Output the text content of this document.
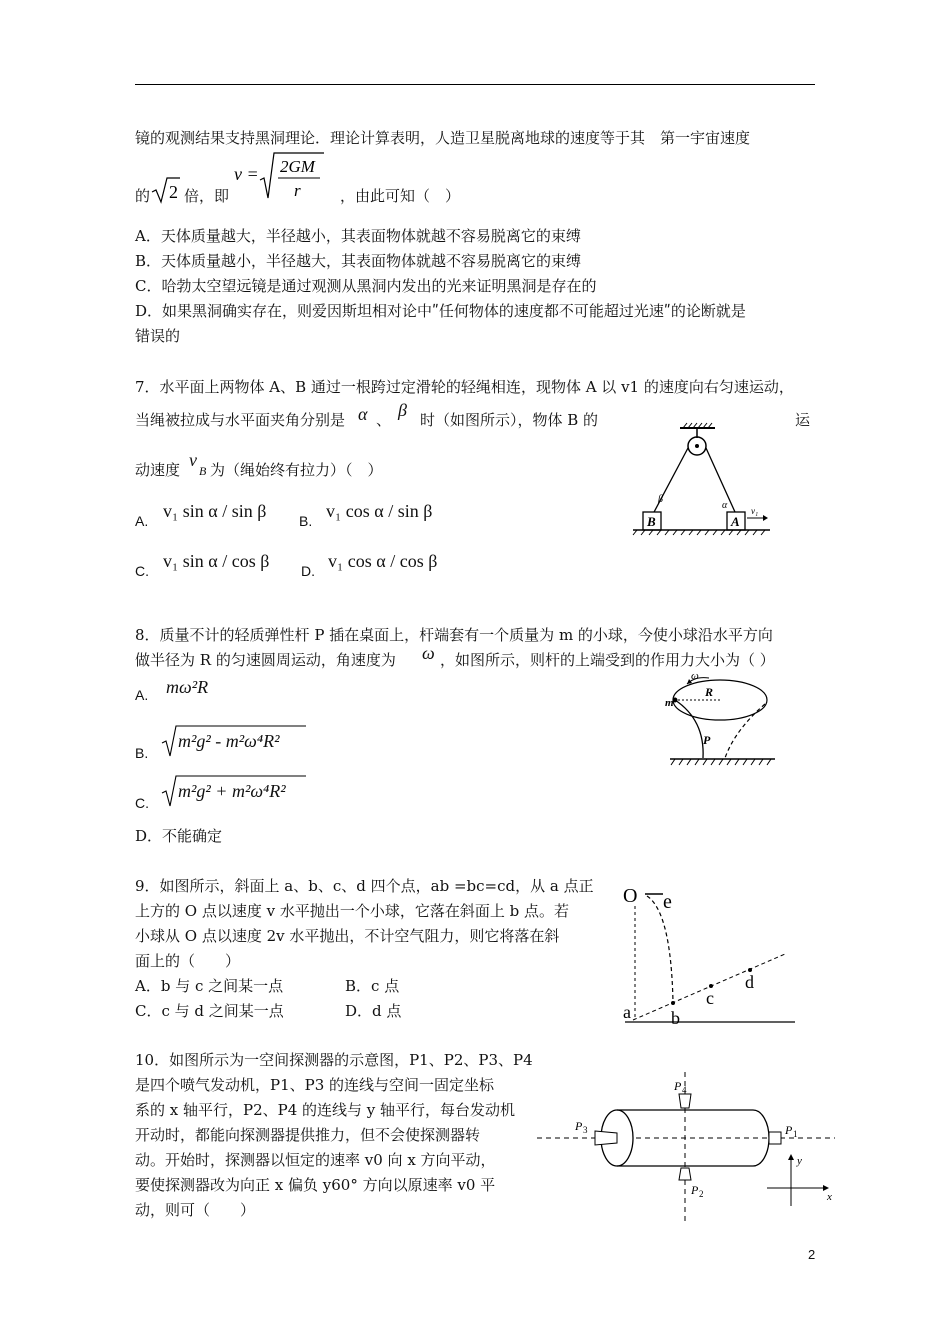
镜的观测结果支持黑洞理论．理论计算表明，人造卫星脱离地球的速度等于其　第一宇宙速度
的 2 倍，即
v = 2GM
r	，由此可知（　）
A．天体质量越大，半径越小，其表面物体就越不容易脱离它的束缚
B．天体质量越小，半径越大，其表面物体就越不容易脱离它的束缚
C．哈勃太空望远镜是通过观测从黑洞内发出的光来证明黑洞是存在的
D．如果黑洞确实存在，则爱因斯坦相对论中ʺ任何物体的速度都不可能超过光速ʺ的论断就是
错误的
7．水平面上两物体 A、B 通过一根跨过定滑轮的轻绳相连，现物体 A 以 v1 的速度向右匀速运动，
当绳被拉成与水平面夹角分别是 α 、 β 时（如图所示），物体 B 的	运
动速度 v
B 为（绳始终有拉力）（　）
A. v₁ sin α / sin β B. v₁ cos α / sin β
C. v₁ sin α / cos β D. v₁ cos α / cos β
B	A
β
α	v₁
8．质量不计的轻质弹性杆 P 插在桌面上，杆端套有一个质量为 m 的小球，今使小球沿水平方向
做半径为 R 的匀速圆周运动，角速度为 ω ，如图所示，则杆的上端受到的作用力大小为（ ）
A. mω²R
B.
m²g² - m²ω⁴R²
C.
m²g² + m²ω⁴R²
D．不能确定
R
m
ω
P
9．如图所示，斜面上 a、b、c、d 四个点，ab =bc=cd，从 a 点正
上方的 O 点以速度 v 水平抛出一个小球，它落在斜面上 b 点。若
小球从 O 点以速度 2v 水平抛出，不计空气阻力，则它将落在斜
面上的（　　）
A．b 与 c 之间某一点	B．c 点
C．c 与 d 之间某一点	D．d 点
O e
a b
c
d
10．如图所示为一空间探测器的示意图，P1、P2、P3、P4
是四个喷气发动机，P1、P3 的连线与空间一固定坐标
系的 x 轴平行，P2、P4 的连线与 y 轴平行，每台发动机
开动时，都能向探测器提供推力，但不会使探测器转
动。开始时，探测器以恒定的速率 v0 向 x 方向平动，
要使探测器改为向正 x 偏负 y60° 方向以原速率 v0 平
动，则可（　　）
P 3	P 1
P 4
P 2
y
x
2
